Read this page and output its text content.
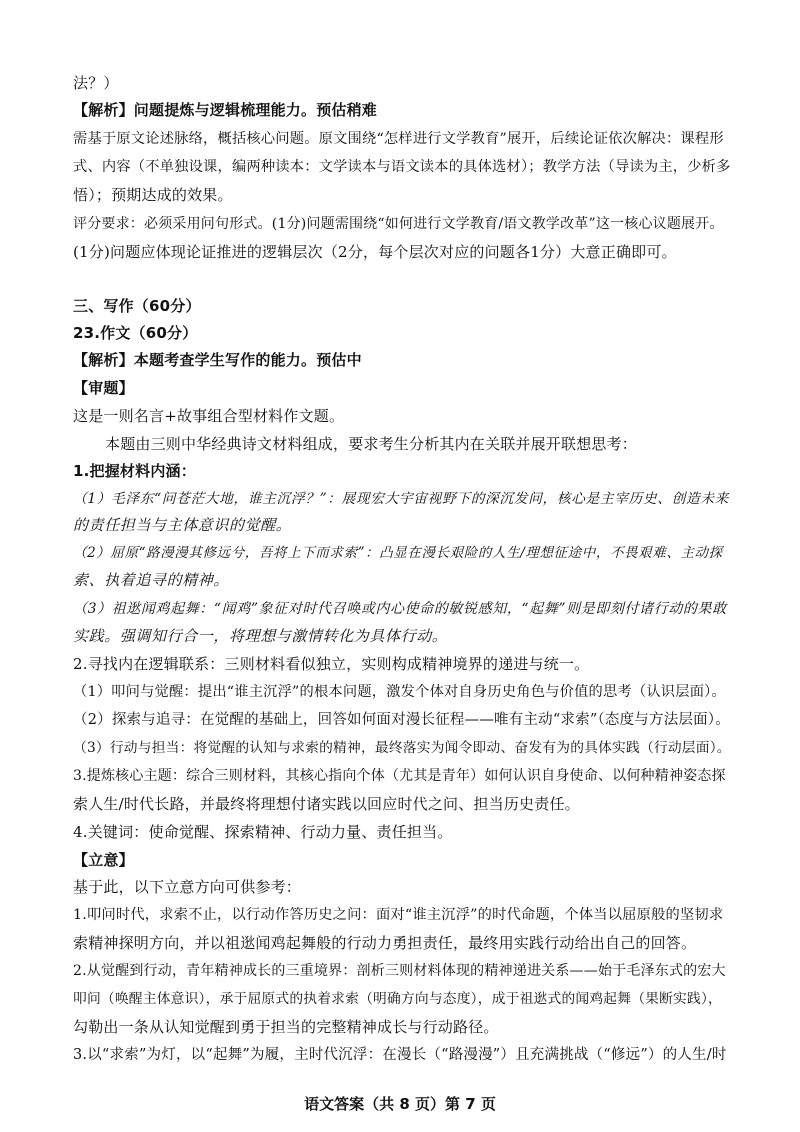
法？）

【解析】问题提炼与逻辑梳理能力。预估稍难

需基于原文论述脉络，概括核心问题。原文围绕“怎样进行文学教育”展开，后续论证依次解决：课程形

式、内容（不单独设课，编两种读本：文学读本与语文读本的具体选材）；教学方法（导读为主，少析多

悟）；预期达成的效果。

评分要求：必须采用问句形式。(1分)问题需围绕“如何进行文学教育/语文教学改革”这一核心议题展开。

(1分)问题应体现论证推进的逻辑层次（2分，每个层次对应的问题各1分）大意正确即可。

三、写作（60分）

23.作文（60分）

【解析】本题考查学生写作的能力。预估中

【审题】

这是一则名言+故事组合型材料作文题。

本题由三则中华经典诗文材料组成，要求考生分析其内在关联并展开联想思考：

1.把握材料内涵：

（1）毛泽东“问苍茫大地，谁主沉浮？”：展现宏大宇宙视野下的深沉发问，核心是主宰历史、创造未来

的责任担当与主体意识的觉醒。

（2）屈原“路漫漫其修远兮，吾将上下而求索”：凸显在漫长艰险的人生/理想征途中，不畏艰难、主动探

索、执着追寻的精神。

（3）祖逖闻鸡起舞：“闻鸡”象征对时代召唤或内心使命的敏锐感知，“起舞”则是即刻付诸行动的果敢

实践。强调知行合一，将理想与激情转化为具体行动。

2.寻找内在逻辑联系：三则材料看似独立，实则构成精神境界的递进与统一。

（1）叩问与觉醒：提出“谁主沉浮”的根本问题，激发个体对自身历史角色与价值的思考（认识层面）。

（2）探索与追寻：在觉醒的基础上，回答如何面对漫长征程——唯有主动“求索”（态度与方法层面）。

（3）行动与担当：将觉醒的认知与求索的精神，最终落实为闻令即动、奋发有为的具体实践（行动层面）。

3.提炼核心主题：综合三则材料，其核心指向个体（尤其是青年）如何认识自身使命、以何种精神姿态探

索人生/时代长路，并最终将理想付诸实践以回应时代之问、担当历史责任。

4.关键词：使命觉醒、探索精神、行动力量、责任担当。

【立意】

基于此，以下立意方向可供参考：

1.叩问时代，求索不止，以行动作答历史之问：面对“谁主沉浮”的时代命题，个体当以屈原般的坚韧求

索精神探明方向，并以祖逖闻鸡起舞般的行动力勇担责任，最终用实践行动给出自己的回答。

2.从觉醒到行动，青年精神成长的三重境界：剖析三则材料体现的精神递进关系——始于毛泽东式的宏大

叩问（唤醒主体意识），承于屈原式的执着求索（明确方向与态度），成于祖逖式的闻鸡起舞（果断实践），

勾勒出一条从认知觉醒到勇于担当的完整精神成长与行动路径。

3.以“求索”为灯，以“起舞”为履，主时代沉浮：在漫长（“路漫漫”）且充满挑战（“修远”）的人生/时

语文答案（共 8 页）第 7 页
